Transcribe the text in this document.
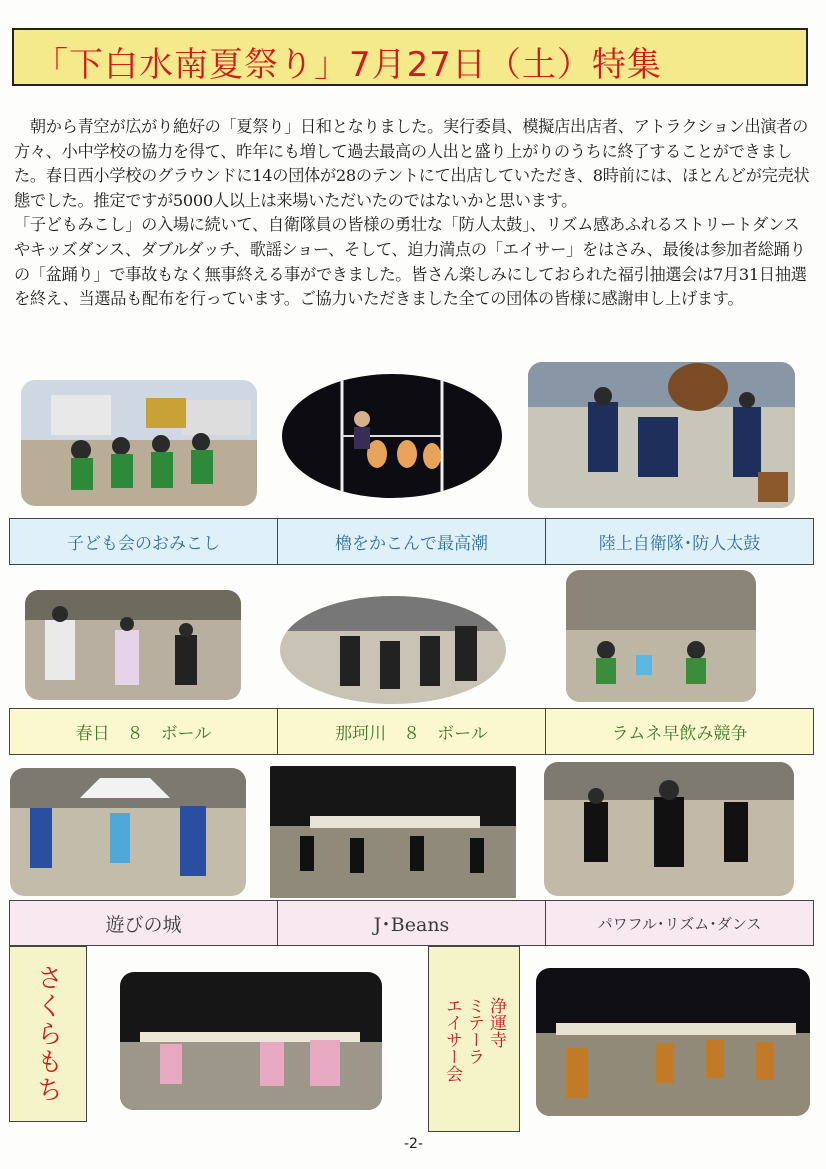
「下白水南夏祭り」7月27日（土）特集

　朝から青空が広がり絶好の「夏祭り」日和となりました。実行委員、模擬店出店者、アトラクション出演者の方々、小中学校の協力を得て、昨年にも増して過去最高の人出と盛り上がりのうちに終了することができました。春日西小学校のグラウンドに14の団体が28のテントにて出店していただき、8時前には、ほとんどが完売状態でした。推定ですが5000人以上は来場いただいたのではないかと思います。

「子どもみこし」の入場に続いて、自衛隊員の皆様の勇壮な「防人太鼓」、リズム感あふれるストリートダンスやキッズダンス、ダブルダッチ、歌謡ショー、そして、迫力満点の「エイサー」をはさみ、最後は参加者総踊りの「盆踊り」で事故もなく無事終える事ができました。皆さん楽しみにしておられた福引抽選会は7月31日抽選を終え、当選品も配布を行っています。ご協力いただきました全ての団体の皆様に感謝申し上げます。

子ども会のおみこし	櫓をかこんで最高潮	陸上自衛隊･防人太鼓
春日　８　ボール	那珂川　８　ボール	ラムネ早飲み競争
遊びの城	J･Beans	パワフル･リズム･ダンス
さくらもち	浄運寺
ミテーラ
エイサー会
-2-
